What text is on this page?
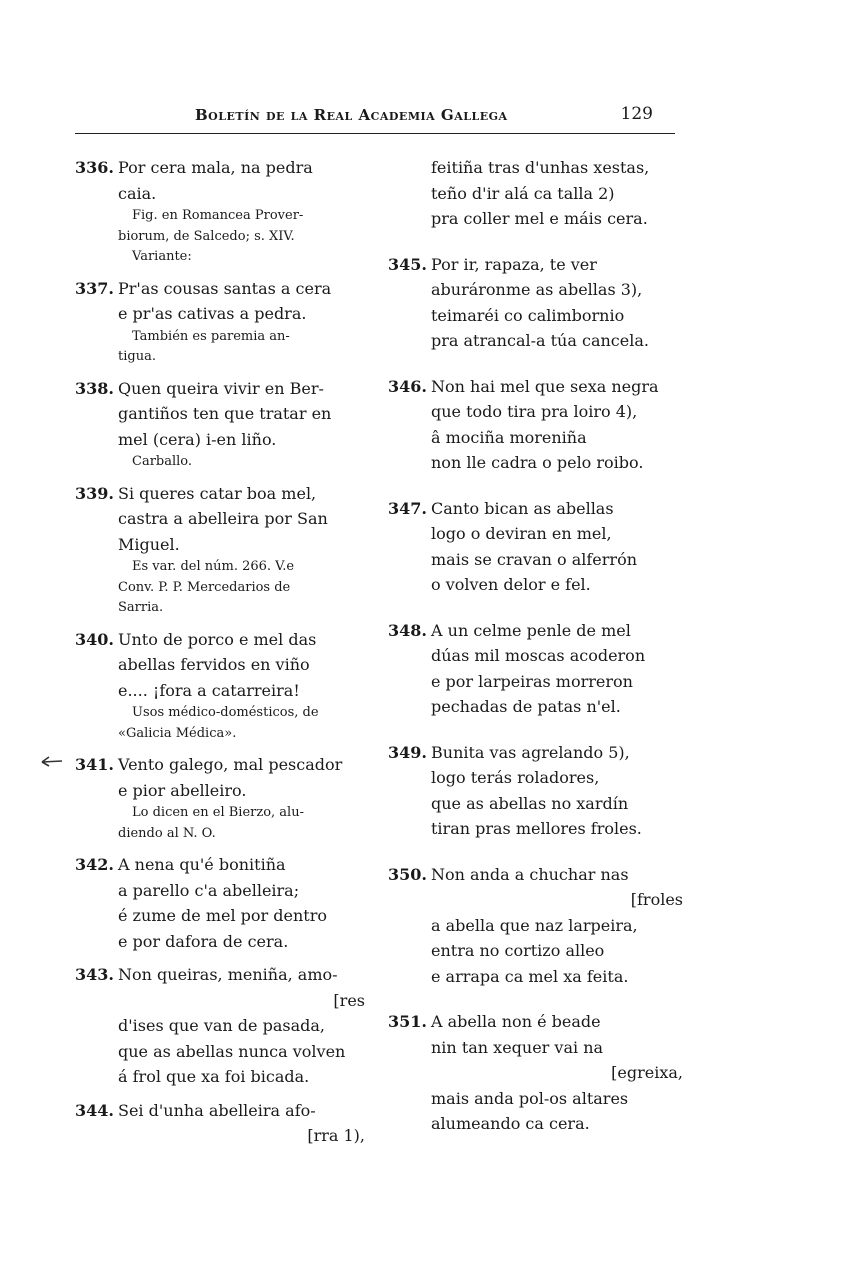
Boletín de la Real Academia Gallega	129
336. Por cera mala, na pedra
caia.
Fig. en Romancea Prover-
biorum, de Salcedo; s. XIV.
Variante:
337. Pr'as cousas santas a cera
e pr'as cativas a pedra.
También es paremia an-
tigua.
338. Quen queira vivir en Ber-
gantiños ten que tratar en
mel (cera) i-en liño.
Carballo.
339. Si queres catar boa mel,
castra a abelleira por San
Miguel.
Es var. del núm. 266. V.e
Conv. P. P. Mercedarios de
Sarria.
340. Unto de porco e mel das
abellas fervidos en viño
e.... ¡fora a catarreira!
Usos médico-domésticos, de
«Galicia Médica».
341. Vento galego, mal pescador
e pior abelleiro.
Lo dicen en el Bierzo, alu-
diendo al N. O.
342. A nena qu'é bonitiña
a parello c'a abelleira;
é zume de mel por dentro
e por dafora de cera.
343. Non queiras, meniña, amo-
[res
d'ises que van de pasada,
que as abellas nunca volven
á frol que xa foi bicada.
344. Sei d'unha abelleira afo-
[rra 1),
feitiña tras d'unhas xestas,
teño d'ir alá ca talla 2)
pra coller mel e máis cera.
345. Por ir, rapaza, te ver
aburáronme as abellas 3),
teimaréi co calimbornio
pra atrancal-a túa cancela.
346. Non hai mel que sexa negra
que todo tira pra loiro 4),
â mociña moreniña
non lle cadra o pelo roibo.
347. Canto bican as abellas
logo o deviran en mel,
mais se cravan o alferrón
o volven delor e fel.
348. A un celme penle de mel
dúas mil moscas acoderon
e por larpeiras morreron
pechadas de patas n'el.
349. Bunita vas agrelando 5),
logo terás roladores,
que as abellas no xardín
tiran pras mellores froles.
350. Non anda a chuchar nas
[froles
a abella que naz larpeira,
entra no cortizo alleo
e arrapa ca mel xa feita.
351. A abella non é beade
nin tan xequer vai na
[egreixa,
mais anda pol-os altares
alumeando ca cera.
